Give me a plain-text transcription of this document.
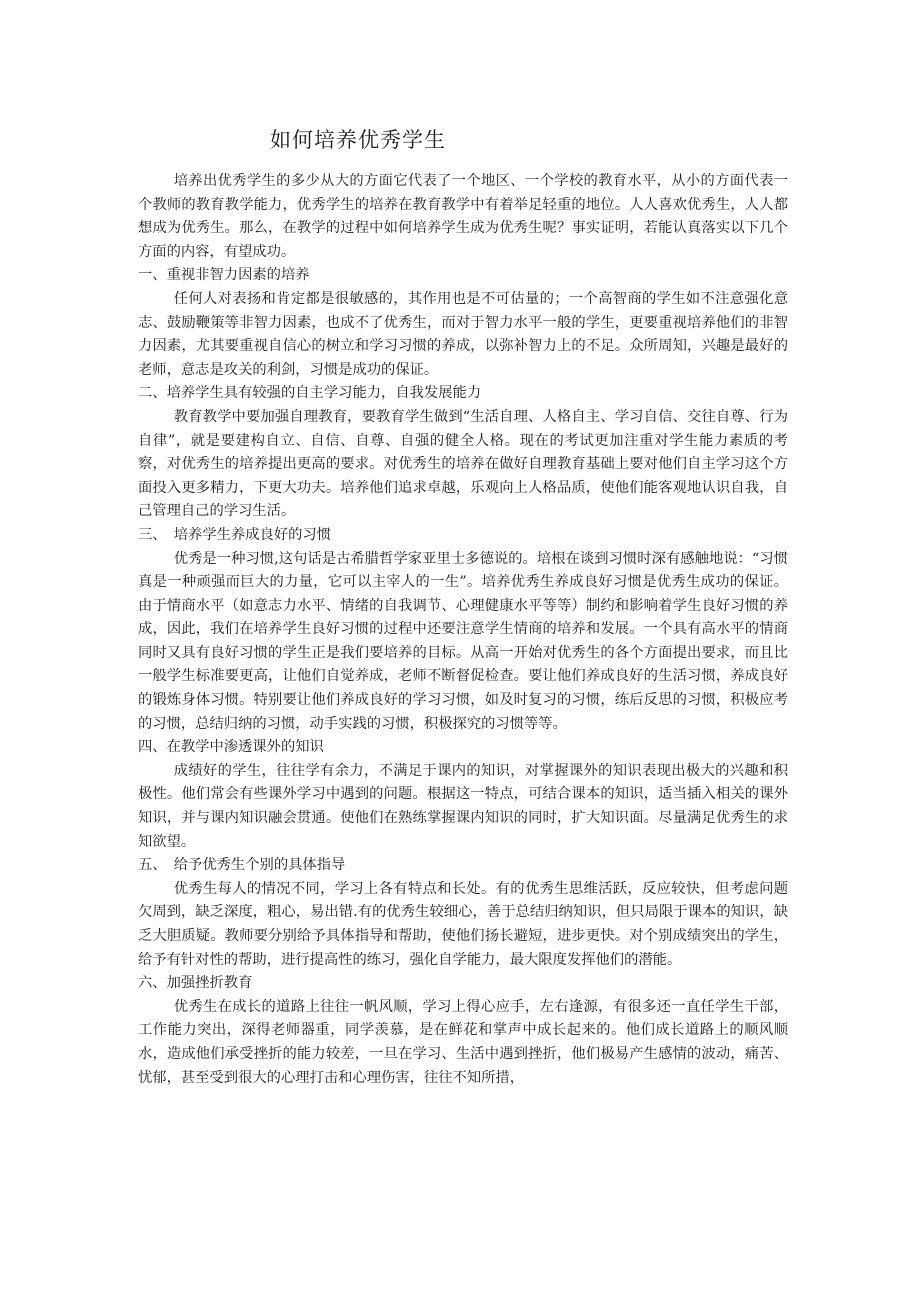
如何培养优秀学生

培养出优秀学生的多少从大的方面它代表了一个地区、一个学校的教育水平，从小的方面代表一个教师的教育教学能力，优秀学生的培养在教育教学中有着举足轻重的地位。人人喜欢优秀生，人人都想成为优秀生。那么，在教学的过程中如何培养学生成为优秀生呢？事实证明，若能认真落实以下几个方面的内容，有望成功。

一、重视非智力因素的培养

任何人对表扬和肯定都是很敏感的，其作用也是不可估量的；一个高智商的学生如不注意强化意志、鼓励鞭策等非智力因素，也成不了优秀生，而对于智力水平一般的学生，更要重视培养他们的非智力因素，尤其要重视自信心的树立和学习习惯的养成，以弥补智力上的不足。众所周知，兴趣是最好的老师，意志是攻关的利剑，习惯是成功的保证。

二、培养学生具有较强的自主学习能力，自我发展能力

教育教学中要加强自理教育，要教育学生做到“生活自理、人格自主、学习自信、交往自尊、行为自律”，就是要建构自立、自信、自尊、自强的健全人格。现在的考试更加注重对学生能力素质的考察，对优秀生的培养提出更高的要求。对优秀生的培养在做好自理教育基础上要对他们自主学习这个方面投入更多精力，下更大功夫。培养他们追求卓越，乐观向上人格品质，使他们能客观地认识自我，自己管理自己的学习生活。

三、　培养学生养成良好的习惯

优秀是一种习惯,这句话是古希腊哲学家亚里士多德说的。培根在谈到习惯时深有感触地说：“习惯真是一种顽强而巨大的力量，它可以主宰人的一生”。培养优秀生养成良好习惯是优秀生成功的保证。由于情商水平（如意志力水平、情绪的自我调节、心理健康水平等等）制约和影响着学生良好习惯的养成，因此，我们在培养学生良好习惯的过程中还要注意学生情商的培养和发展。一个具有高水平的情商同时又具有良好习惯的学生正是我们要培养的目标。从高一开始对优秀生的各个方面提出要求，而且比一般学生标准要更高，让他们自觉养成，老师不断督促检查。要让他们养成良好的生活习惯，养成良好的锻炼身体习惯。特别要让他们养成良好的学习习惯，如及时复习的习惯，练后反思的习惯，积极应考的习惯，总结归纳的习惯，动手实践的习惯，积极探究的习惯等等。

四、在教学中渗透课外的知识

成绩好的学生，往往学有余力，不满足于课内的知识，对掌握课外的知识表现出极大的兴趣和积极性。他们常会有些课外学习中遇到的问题。根据这一特点，可结合课本的知识，适当插入相关的课外知识，并与课内知识融会贯通。使他们在熟练掌握课内知识的同时，扩大知识面。尽量满足优秀生的求知欲望。

五、　给予优秀生个别的具体指导

优秀生每人的情况不同，学习上各有特点和长处。有的优秀生思维活跃，反应较快，但考虑问题欠周到，缺乏深度，粗心，易出错.有的优秀生较细心，善于总结归纳知识，但只局限于课本的知识，缺乏大胆质疑。教师要分别给予具体指导和帮助，使他们扬长避短，进步更快。对个别成绩突出的学生，给予有针对性的帮助，进行提高性的练习，强化自学能力，最大限度发挥他们的潜能。

六、加强挫折教育

优秀生在成长的道路上往往一帆风顺，学习上得心应手，左右逢源，有很多还一直任学生干部，工作能力突出，深得老师器重，同学羡慕，是在鲜花和掌声中成长起来的。他们成长道路上的顺风顺水，造成他们承受挫折的能力较差，一旦在学习、生活中遇到挫折，他们极易产生感情的波动，痛苦、忧郁，甚至受到很大的心理打击和心理伤害，往往不知所措，
